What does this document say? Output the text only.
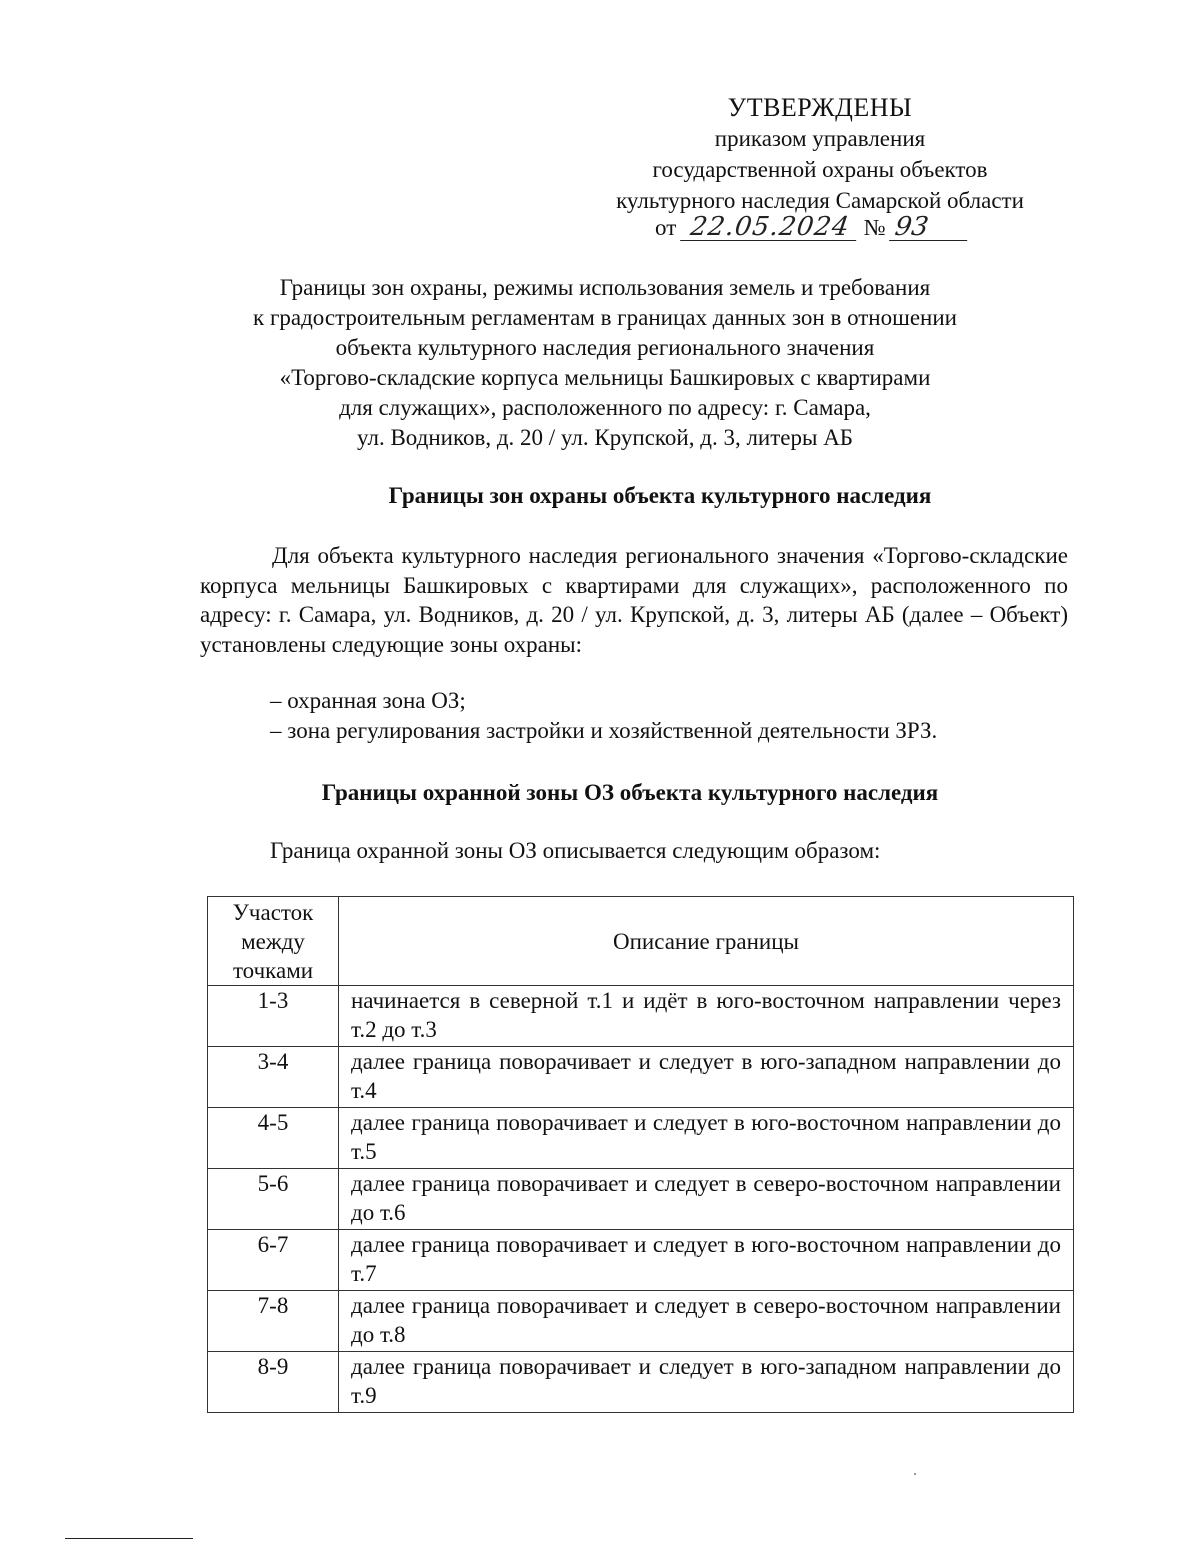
УТВЕРЖДЕНЫ
приказом управления
государственной охраны объектов
культурного наследия Самарской области
от 22.05.2024 № 93
Границы зон охраны, режимы использования земель и требования
к градостроительным регламентам в границах данных зон в отношении
объекта культурного наследия регионального значения
«Торгово-складские корпуса мельницы Башкировых с квартирами
для служащих», расположенного по адресу: г. Самара,
ул. Водников, д. 20 / ул. Крупской, д. 3, литеры АБ
Границы зон охраны объекта культурного наследия
Для объекта культурного наследия регионального значения «Торгово-складские корпуса мельницы Башкировых с квартирами для служащих», расположенного по адресу: г. Самара, ул. Водников, д. 20 / ул. Крупской, д. 3, литеры АБ (далее – Объект) установлены следующие зоны охраны:
– охранная зона ОЗ;
– зона регулирования застройки и хозяйственной деятельности ЗРЗ.
Границы охранной зоны ОЗ объекта культурного наследия
Граница охранной зоны ОЗ описывается следующим образом:
Участок между точками	Описание границы
1-3	начинается в северной т.1 и идёт в юго-восточном направлении через т.2 до т.3
3-4	далее граница поворачивает и следует в юго-западном направлении до т.4
4-5	далее граница поворачивает и следует в юго-восточном направлении до т.5
5-6	далее граница поворачивает и следует в северо-восточном направлении до т.6
6-7	далее граница поворачивает и следует в юго-восточном направлении до т.7
7-8	далее граница поворачивает и следует в северо-восточном направлении до т.8
8-9	далее граница поворачивает и следует в юго-западном направлении до т.9
